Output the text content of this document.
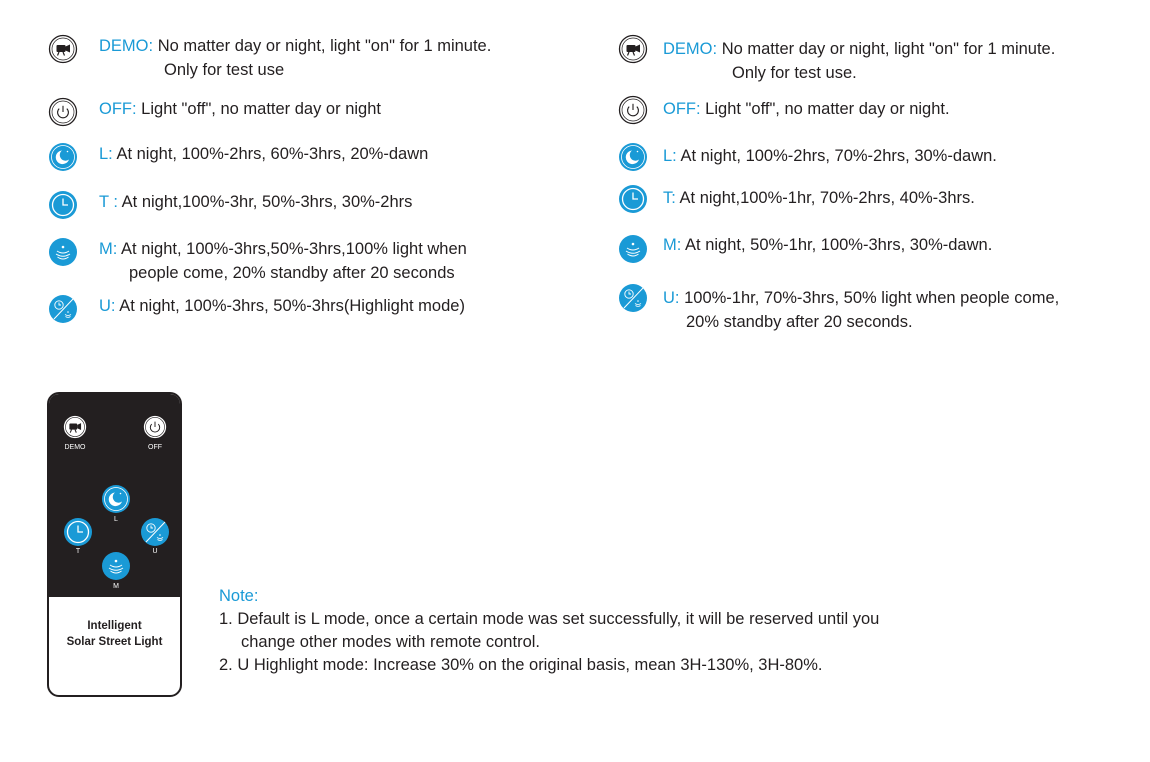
DEMO: No matter day or night, light "on" for 1 minute.
Only for test use
OFF: Light "off", no matter day or night
L: At night, 100%-2hrs, 60%-3hrs, 20%-dawn
T : At night,100%-3hr, 50%-3hrs, 30%-2hrs
M: At night, 100%-3hrs,50%-3hrs,100% light when
people come, 20% standby after 20 seconds
U: At night, 100%-3hrs, 50%-3hrs(Highlight mode)
DEMO: No matter day or night, light "on" for 1 minute.
Only for test use.
OFF: Light "off", no matter day or night.
L: At night, 100%-2hrs, 70%-2hrs, 30%-dawn.
T: At night,100%-1hr, 70%-2hrs, 40%-3hrs.
M: At night, 50%-1hr, 100%-3hrs, 30%-dawn.
U: 100%-1hr, 70%-3hrs, 50% light when people come,
20% standby after 20 seconds.
DEMO	OFF
L
T	U
M
Intelligent
Solar Street Light

Note:

1. Default is L mode, once a certain mode was set successfully, it will be reserved until you

change other modes with remote control.

2. U Highlight mode: Increase 30% on the original basis, mean 3H-130%, 3H-80%.
